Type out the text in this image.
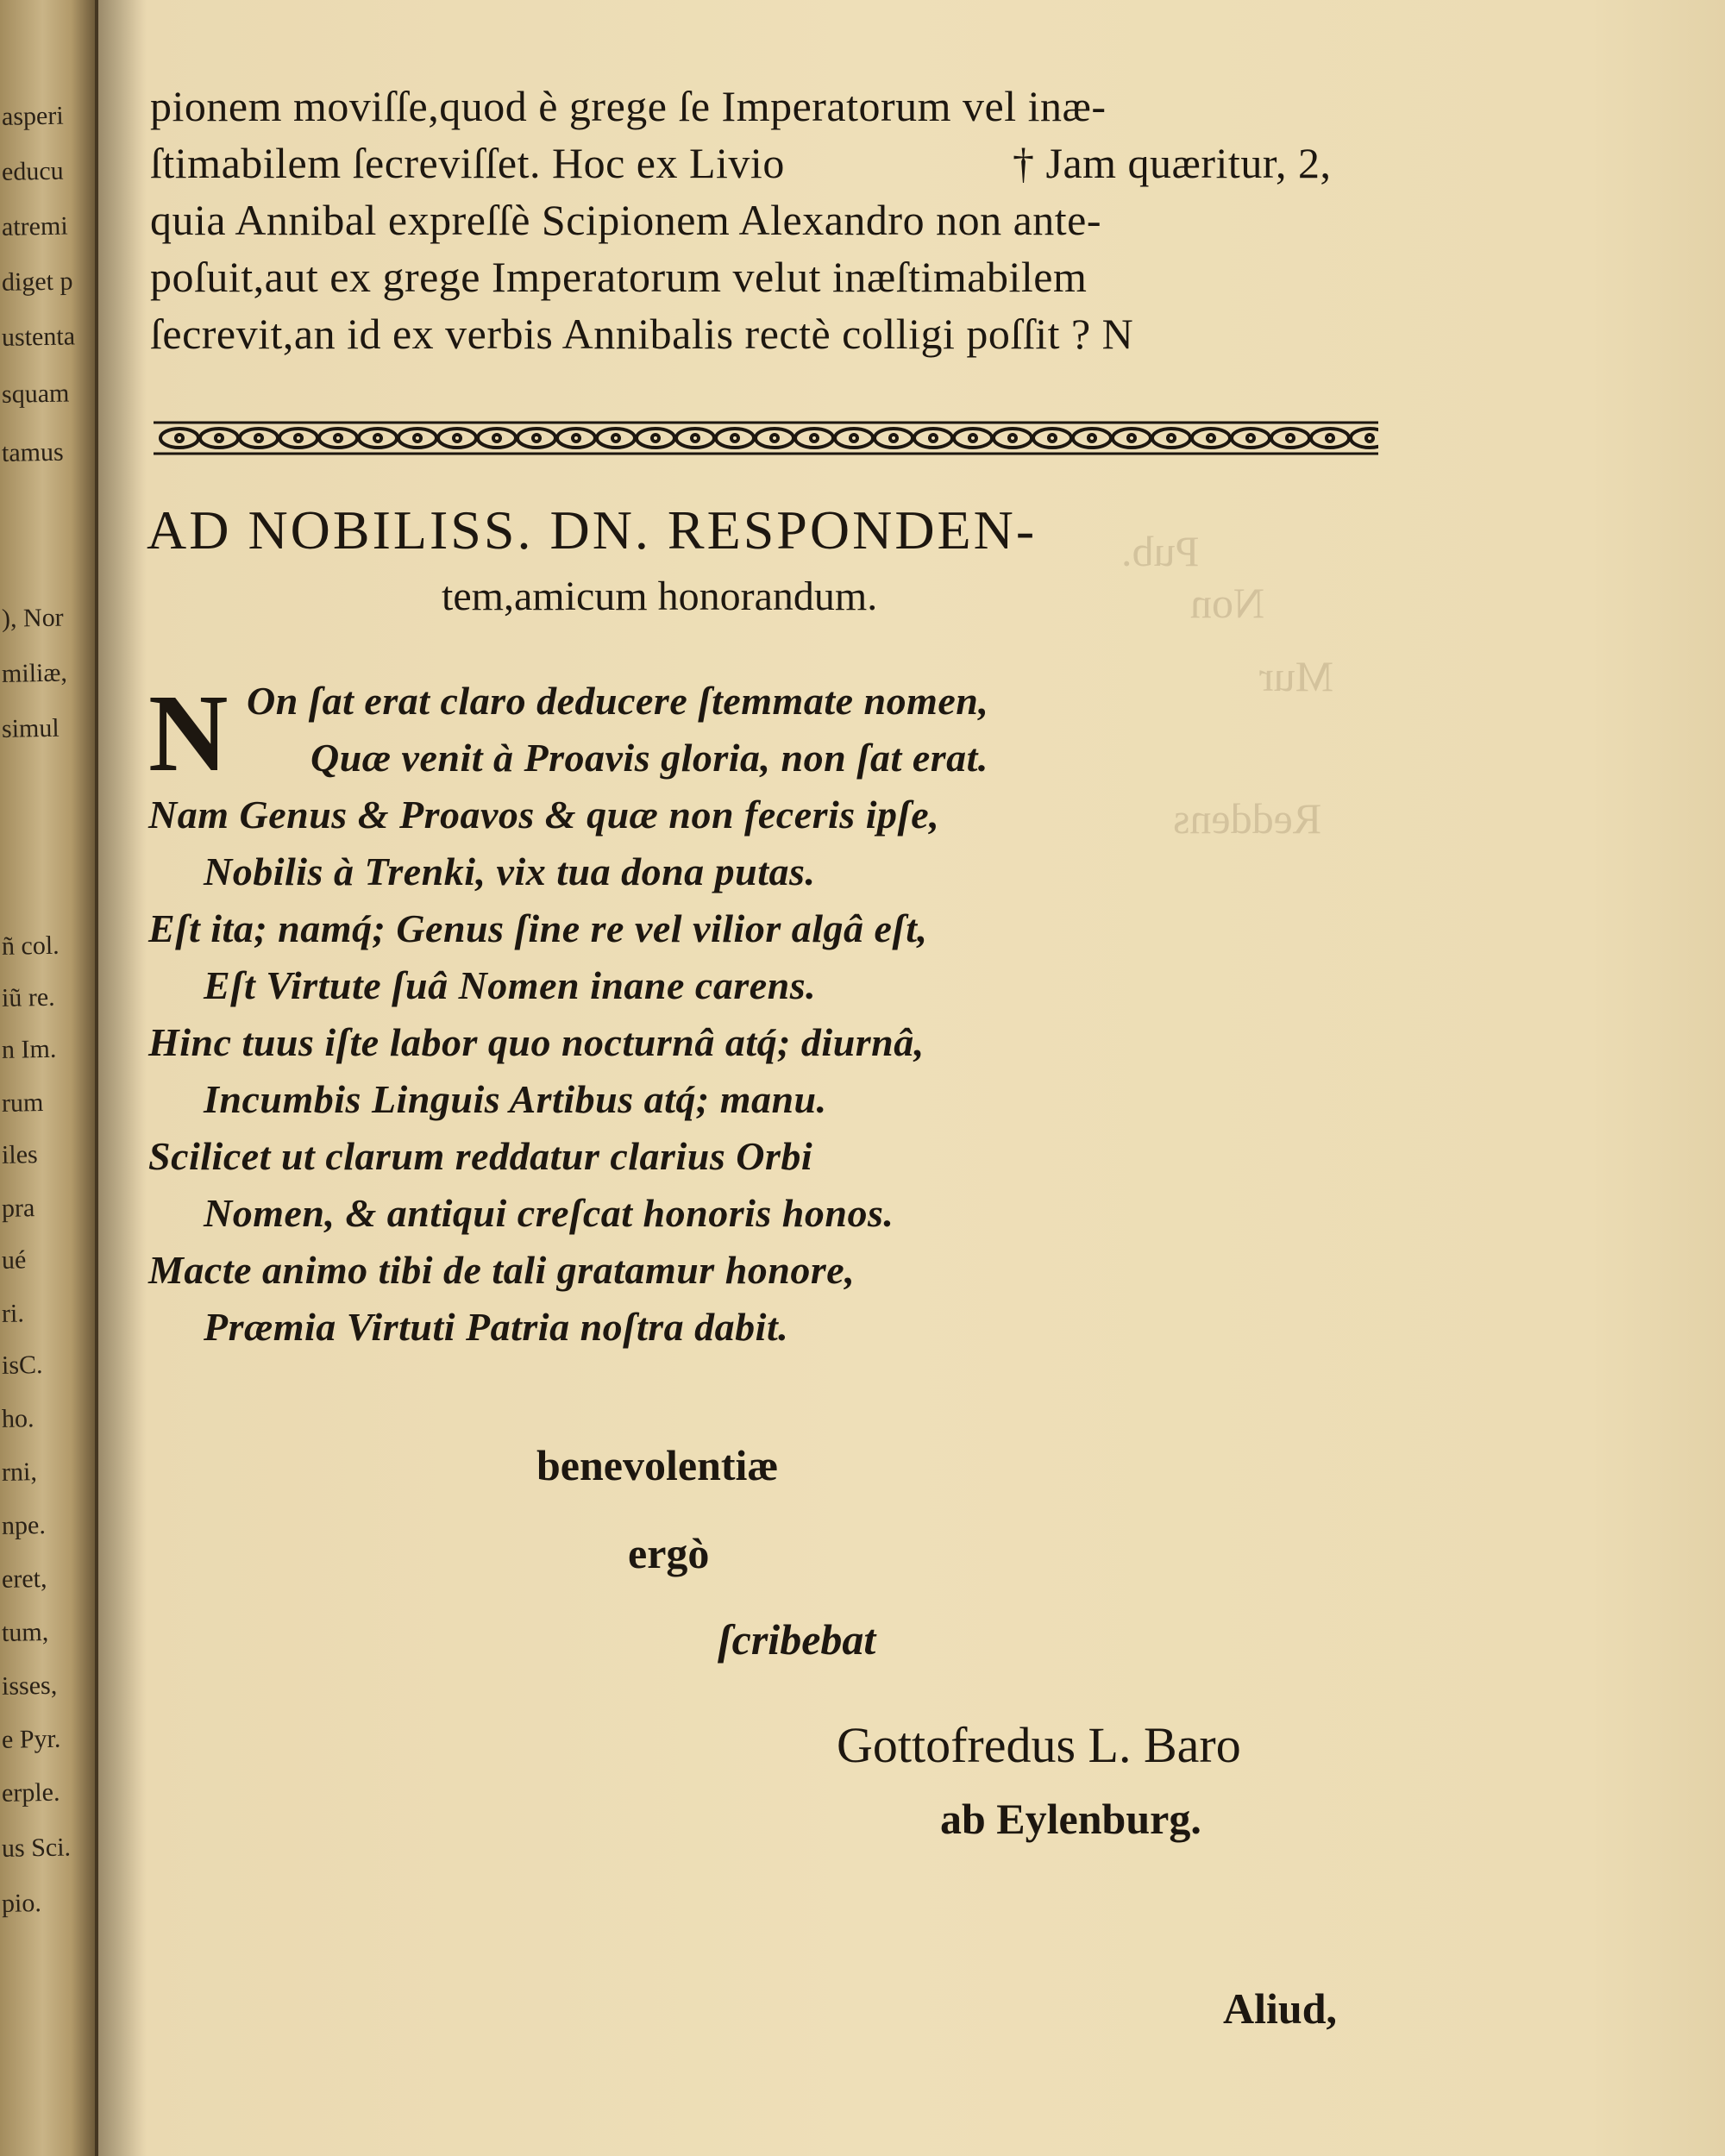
asperi
educu
atremi
diget p
ustenta
squam
tamus
), Nor
miliæ,
simul
ñ col.
iũ re.
n Im.
rum
iles
pra
ué
ri.
isC.
ho.
rni,
npe.
eret,
tum,
isses,
e Pyr.
erple.
us Sci.
pio.
Pub.
Non
Mur
Reddens
pionem moviſſe,quod è grege ſe Imperatorum vel inæ-
ſtimabilem ſecreviſſet. Hoc ex Livio	† Jam quæritur, 2,
quia Annibal expreſſè Scipionem Alexandro non ante-
poſuit,aut ex grege Imperatorum velut inæſtimabilem
ſecrevit,an id ex verbis Annibalis rectè colligi poſſit ? N
AD NOBILISS. DN. RESPONDEN-
tem,amicum honorandum.
N On ſat erat claro deducere ſtemmate nomen,
Quæ venit à Proavis gloria, non ſat erat.
Nam Genus & Proavos & quæ non feceris ipſe,
Nobilis à Trenki, vix tua dona putas.
Eſt ita; namq́; Genus ſine re vel vilior algâ eſt,
Eſt Virtute ſuâ Nomen inane carens.
Hinc tuus iſte labor quo nocturnâ atq́; diurnâ,
Incumbis Linguis Artibus atq́; manu.
Scilicet ut clarum reddatur clarius Orbi
Nomen, & antiqui creſcat honoris honos.
Macte animo tibi de tali gratamur honore,
Præmia Virtuti Patria noſtra dabit.
benevolentiæ
ergò
ſcribebat
Gottofredus L. Baro
ab Eylenburg.
Aliud,
